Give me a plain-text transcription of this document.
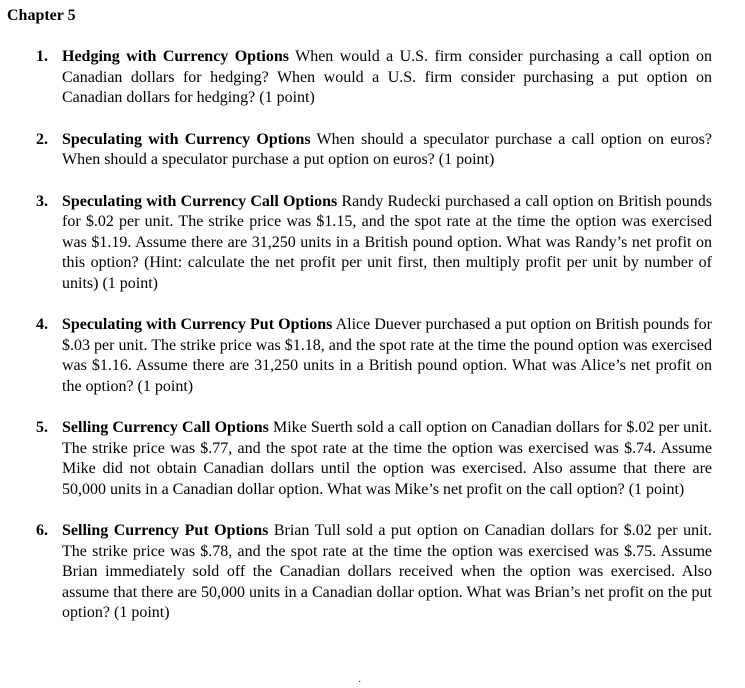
Chapter 5
1. Hedging with Currency Options When would a U.S. firm consider purchasing a call option on Canadian dollars for hedging? When would a U.S. firm consider purchasing a put option on Canadian dollars for hedging? (1 point)
2. Speculating with Currency Options When should a speculator purchase a call option on euros? When should a speculator purchase a put option on euros? (1 point)
3. Speculating with Currency Call Options Randy Rudecki purchased a call option on British pounds for $.02 per unit. The strike price was $1.15, and the spot rate at the time the option was exercised was $1.19. Assume there are 31,250 units in a British pound option. What was Randy’s net profit on this option? (Hint: calculate the net profit per unit first, then multiply profit per unit by number of units) (1 point)
4. Speculating with Currency Put Options Alice Duever purchased a put option on British pounds for $.03 per unit. The strike price was $1.18, and the spot rate at the time the pound option was exercised was $1.16. Assume there are 31,250 units in a British pound option. What was Alice’s net profit on the option? (1 point)
5. Selling Currency Call Options Mike Suerth sold a call option on Canadian dollars for $.02 per unit. The strike price was $.77, and the spot rate at the time the option was exercised was $.74. Assume Mike did not obtain Canadian dollars until the option was exercised. Also assume that there are 50,000 units in a Canadian dollar option. What was Mike’s net profit on the call option? (1 point)
6. Selling Currency Put Options Brian Tull sold a put option on Canadian dollars for $.02 per unit. The strike price was $.78, and the spot rate at the time the option was exercised was $.75. Assume Brian immediately sold off the Canadian dollars received when the option was exercised. Also assume that there are 50,000 units in a Canadian dollar option. What was Brian’s net profit on the put option? (1 point)
·
